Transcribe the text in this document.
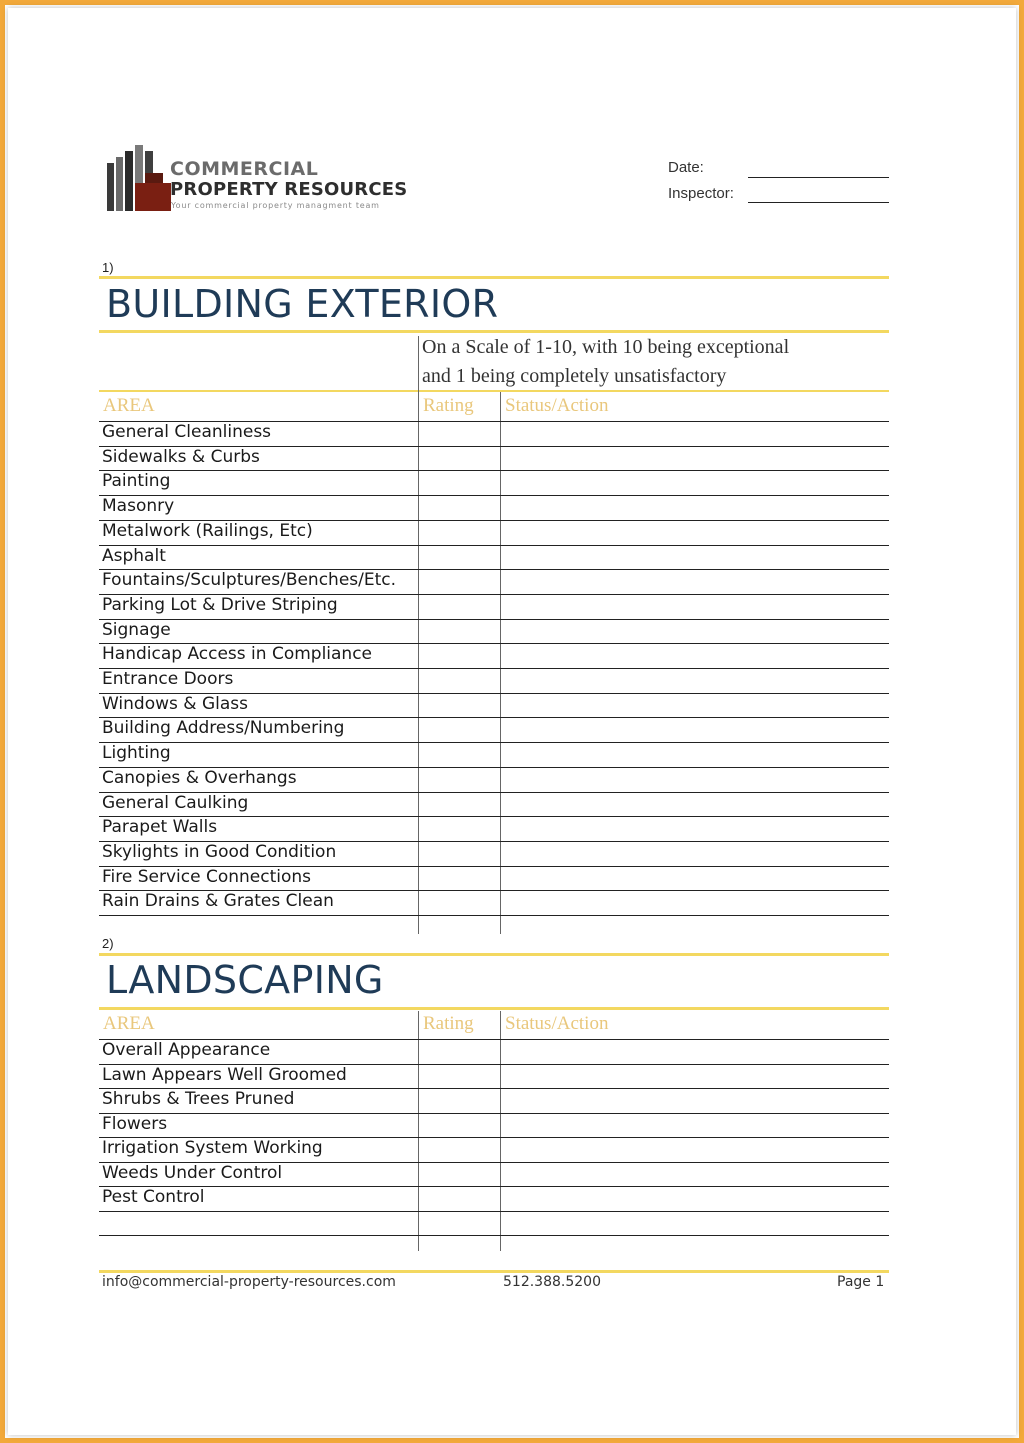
COMMERCIAL
PROPERTY RESOURCES
Your commercial property managment team
Date:
Inspector:
1)
BUILDING EXTERIOR
On a Scale of 1-10, with 10 being exceptional
and 1 being completely unsatisfactory
AREA	Rating Status/Action
General Cleanliness
Sidewalks & Curbs
Painting
Masonry
Metalwork (Railings, Etc)
Asphalt
Fountains/Sculptures/Benches/Etc.
Parking Lot & Drive Striping
Signage
Handicap Access in Compliance
Entrance Doors
Windows & Glass
Building Address/Numbering
Lighting
Canopies & Overhangs
General Caulking
Parapet Walls
Skylights in Good Condition
Fire Service Connections
Rain Drains & Grates Clean
2)
LANDSCAPING
AREA	Rating Status/Action
Overall Appearance
Lawn Appears Well Groomed
Shrubs & Trees Pruned
Flowers
Irrigation System Working
Weeds Under Control
Pest Control
info@commercial-property-resources.com	512.388.5200	Page 1
